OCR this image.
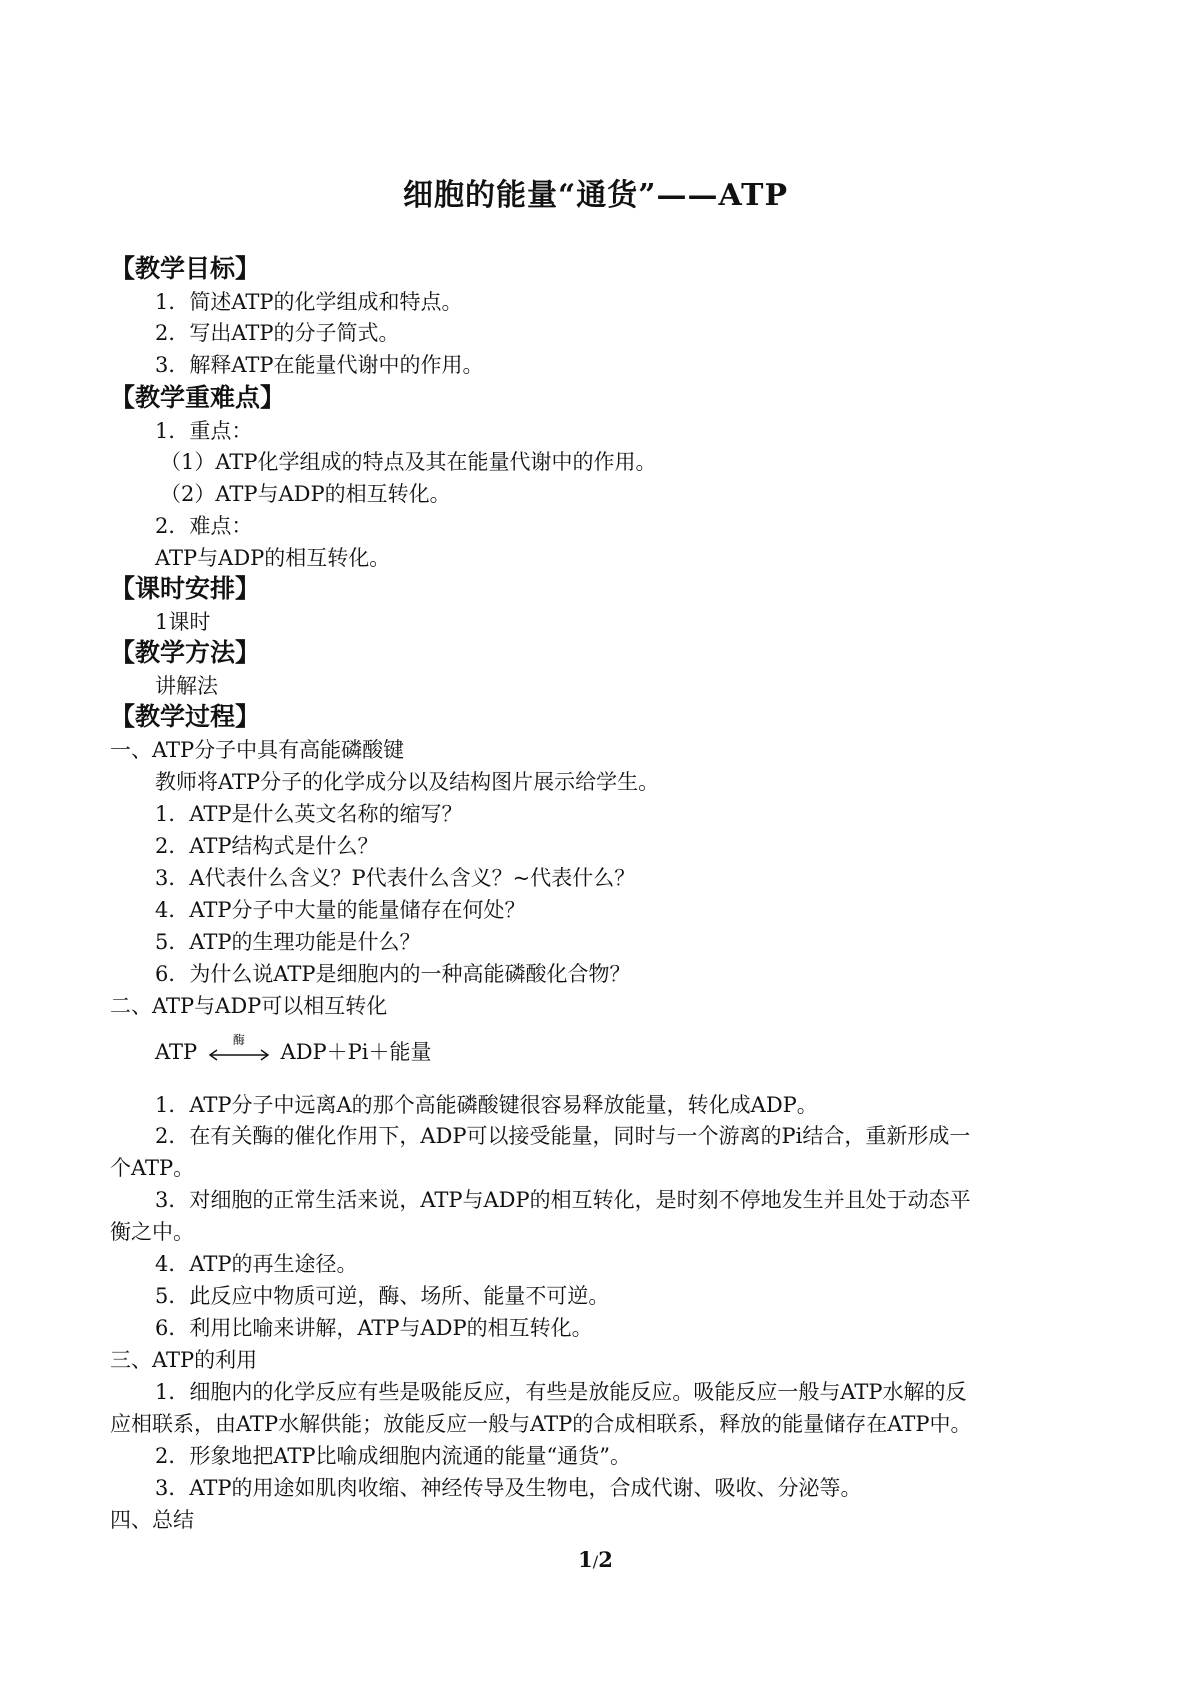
细胞的能量“通货”——ATP
【教学目标】
1．简述ATP的化学组成和特点。
2．写出ATP的分子简式。
3．解释ATP在能量代谢中的作用。
【教学重难点】
1．重点：
（1）ATP化学组成的特点及其在能量代谢中的作用。
（2）ATP与ADP的相互转化。
2．难点：
ATP与ADP的相互转化。
【课时安排】
1课时
【教学方法】
讲解法
【教学过程】
一、ATP分子中具有高能磷酸键
教师将ATP分子的化学成分以及结构图片展示给学生。
1．ATP是什么英文名称的缩写？
2．ATP结构式是什么？
3．A代表什么含义？P代表什么含义？~代表什么？
4．ATP分子中大量的能量储存在何处？
5．ATP的生理功能是什么？
6．为什么说ATP是细胞内的一种高能磷酸化合物？
二、ATP与ADP可以相互转化
ATP	酶	ADP＋Pi＋能量
1．ATP分子中远离A的那个高能磷酸键很容易释放能量，转化成ADP。
2．在有关酶的催化作用下，ADP可以接受能量，同时与一个游离的Pi结合，重新形成一
个ATP。
3．对细胞的正常生活来说，ATP与ADP的相互转化，是时刻不停地发生并且处于动态平
衡之中。
4．ATP的再生途径。
5．此反应中物质可逆，酶、场所、能量不可逆。
6．利用比喻来讲解，ATP与ADP的相互转化。
三、ATP的利用
1．细胞内的化学反应有些是吸能反应，有些是放能反应。吸能反应一般与ATP水解的反
应相联系，由ATP水解供能；放能反应一般与ATP的合成相联系，释放的能量储存在ATP中。
2．形象地把ATP比喻成细胞内流通的能量“通货”。
3．ATP的用途如肌肉收缩、神经传导及生物电，合成代谢、吸收、分泌等。
四、总结
1/2
